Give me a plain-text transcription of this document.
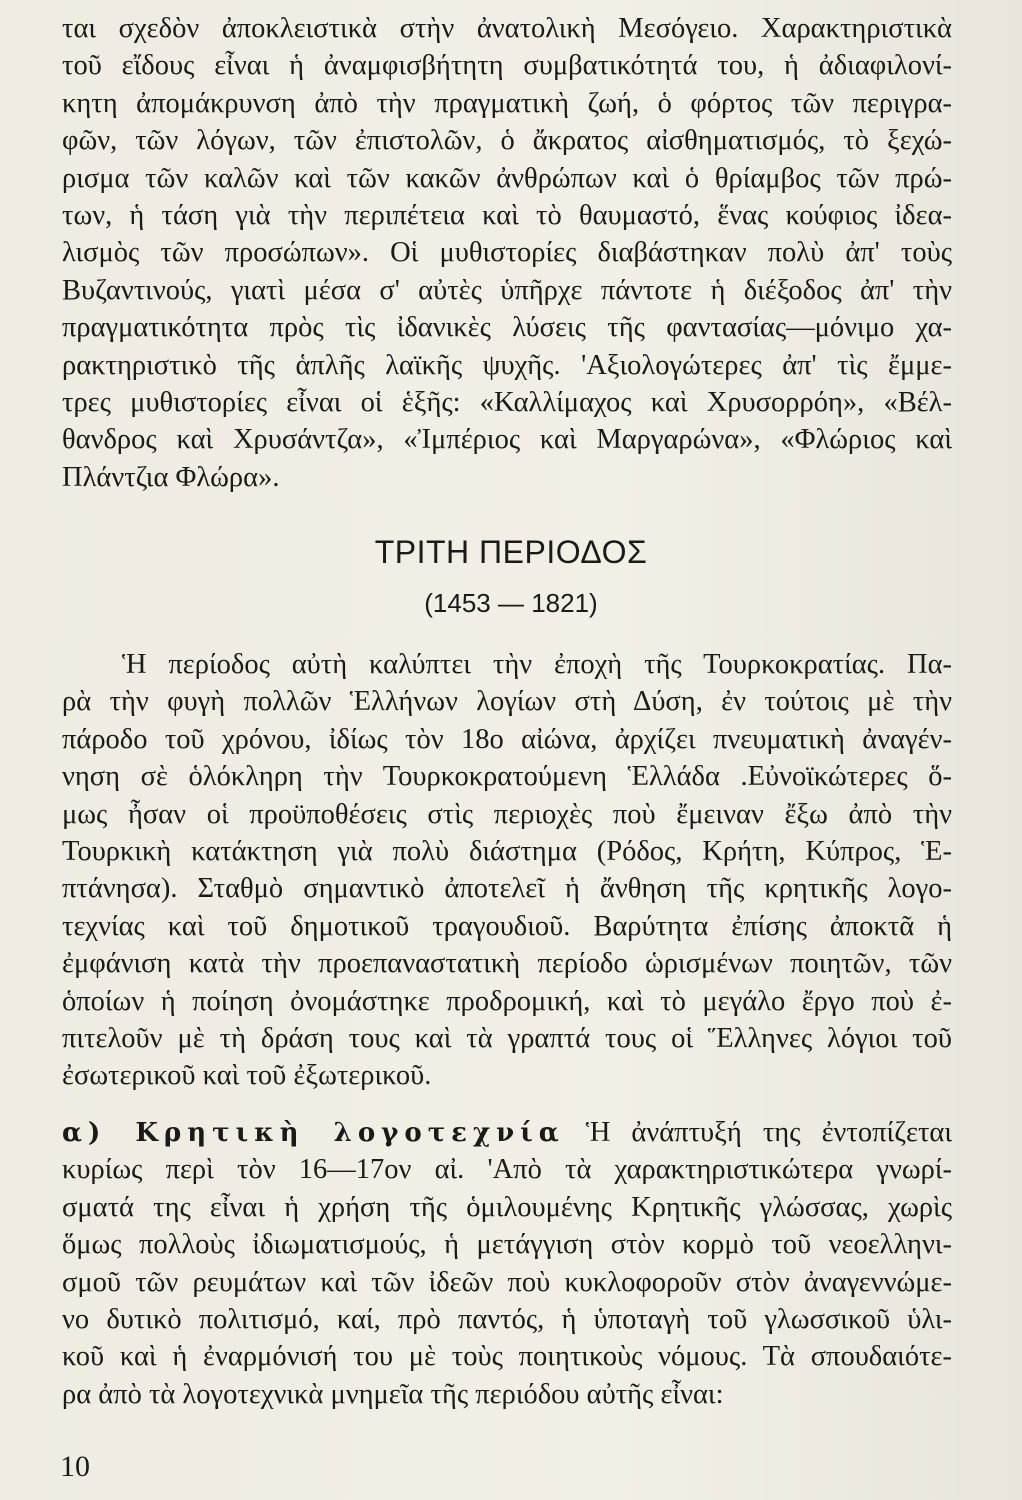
ται σχεδὸν ἀποκλειστικὰ στὴν ἀνατολικὴ Μεσόγειο. Χαρακτηριστικὰ
τοῦ εἴδους εἶναι ἡ ἀναμφισβήτητη συμβατικότητά του, ἡ ἀδιαφιλονί-
κητη ἀπομάκρυνση ἀπὸ τὴν πραγματικὴ ζωή, ὁ φόρτος τῶν περιγρα-
φῶν, τῶν λόγων, τῶν ἐπιστολῶν, ὁ ἄκρατος αἰσθηματισμός, τὸ ξεχώ-
ρισμα τῶν καλῶν καὶ τῶν κακῶν ἀνθρώπων καὶ ὁ θρίαμβος τῶν πρώ-
των, ἡ τάση γιὰ τὴν περιπέτεια καὶ τὸ θαυμαστό, ἕνας κούφιος ἰδεα-
λισμὸς τῶν προσώπων». Οἱ μυθιστορίες διαβάστηκαν πολὺ ἀπ' τοὺς
Βυζαντινούς, γιατὶ μέσα σ' αὐτὲς ὑπῆρχε πάντοτε ἡ διέξοδος ἀπ' τὴν
πραγματικότητα πρὸς τὶς ἰδανικὲς λύσεις τῆς φαντασίας—μόνιμο χα-
ρακτηριστικὸ τῆς ἁπλῆς λαϊκῆς ψυχῆς. 'Αξιολογώτερες ἀπ' τὶς ἔμμε-
τρες μυθιστορίες εἶναι οἱ ἑξῆς: «Καλλίμαχος καὶ Χρυσορρόη», «Βέλ-
θανδρος καὶ Χρυσάντζα», «Ἰμπέριος καὶ Μαργαρώνα», «Φλώριος καὶ
Πλάντζια Φλώρα».
ΤΡΙΤΗ ΠΕΡΙΟΔΟΣ
(1453 — 1821)
Ἡ περίοδος αὐτὴ καλύπτει τὴν ἐποχὴ τῆς Τουρκοκρατίας. Πα-
ρὰ τὴν φυγὴ πολλῶν Ἑλλήνων λογίων στὴ Δύση, ἐν τούτοις μὲ τὴν
πάροδο τοῦ χρόνου, ἰδίως τὸν 18ο αἰώνα, ἀρχίζει πνευματικὴ ἀναγέν-
νηση σὲ ὁλόκληρη τὴν Τουρκοκρατούμενη Ἑλλάδα .Εὐνοϊκώτερες ὅ-
μως ἦσαν οἱ προϋποθέσεις στὶς περιοχὲς ποὺ ἔμειναν ἔξω ἀπὸ τὴν
Τουρκικὴ κατάκτηση γιὰ πολὺ διάστημα (Ρόδος, Κρήτη, Κύπρος, Ἑ-
πτάνησα). Σταθμὸ σημαντικὸ ἀποτελεῖ ἡ ἄνθηση τῆς κρητικῆς λογο-
τεχνίας καὶ τοῦ δημοτικοῦ τραγουδιοῦ. Βαρύτητα ἐπίσης ἀποκτᾶ ἡ
ἐμφάνιση κατὰ τὴν προεπαναστατικὴ περίοδο ὡρισμένων ποιητῶν, τῶν
ὁποίων ἡ ποίηση ὀνομάστηκε προδρομική, καὶ τὸ μεγάλο ἔργο ποὺ ἐ-
πιτελοῦν μὲ τὴ δράση τους καὶ τὰ γραπτά τους οἱ Ἕλληνες λόγιοι τοῦ
ἐσωτερικοῦ καὶ τοῦ ἐξωτερικοῦ.
α) Κρητικὴ λογοτεχνία Ἡ ἀνάπτυξή της ἐντοπίζεται
κυρίως περὶ τὸν 16—17ον αἰ. 'Απὸ τὰ χαρακτηριστικώτερα γνωρί-
σματά της εἶναι ἡ χρήση τῆς ὁμιλουμένης Κρητικῆς γλώσσας, χωρὶς
ὅμως πολλοὺς ἰδιωματισμούς, ἡ μετάγγιση στὸν κορμὸ τοῦ νεοελληνι-
σμοῦ τῶν ρευμάτων καὶ τῶν ἰδεῶν ποὺ κυκλοφοροῦν στὸν ἀναγεννώμε-
νο δυτικὸ πολιτισμό, καί, πρὸ παντός, ἡ ὑποταγὴ τοῦ γλωσσικοῦ ὑλι-
κοῦ καὶ ἡ ἐναρμόνισή του μὲ τοὺς ποιητικοὺς νόμους. Τὰ σπουδαιότε-
ρα ἀπὸ τὰ λογοτεχνικὰ μνημεῖα τῆς περιόδου αὐτῆς εἶναι:
10
